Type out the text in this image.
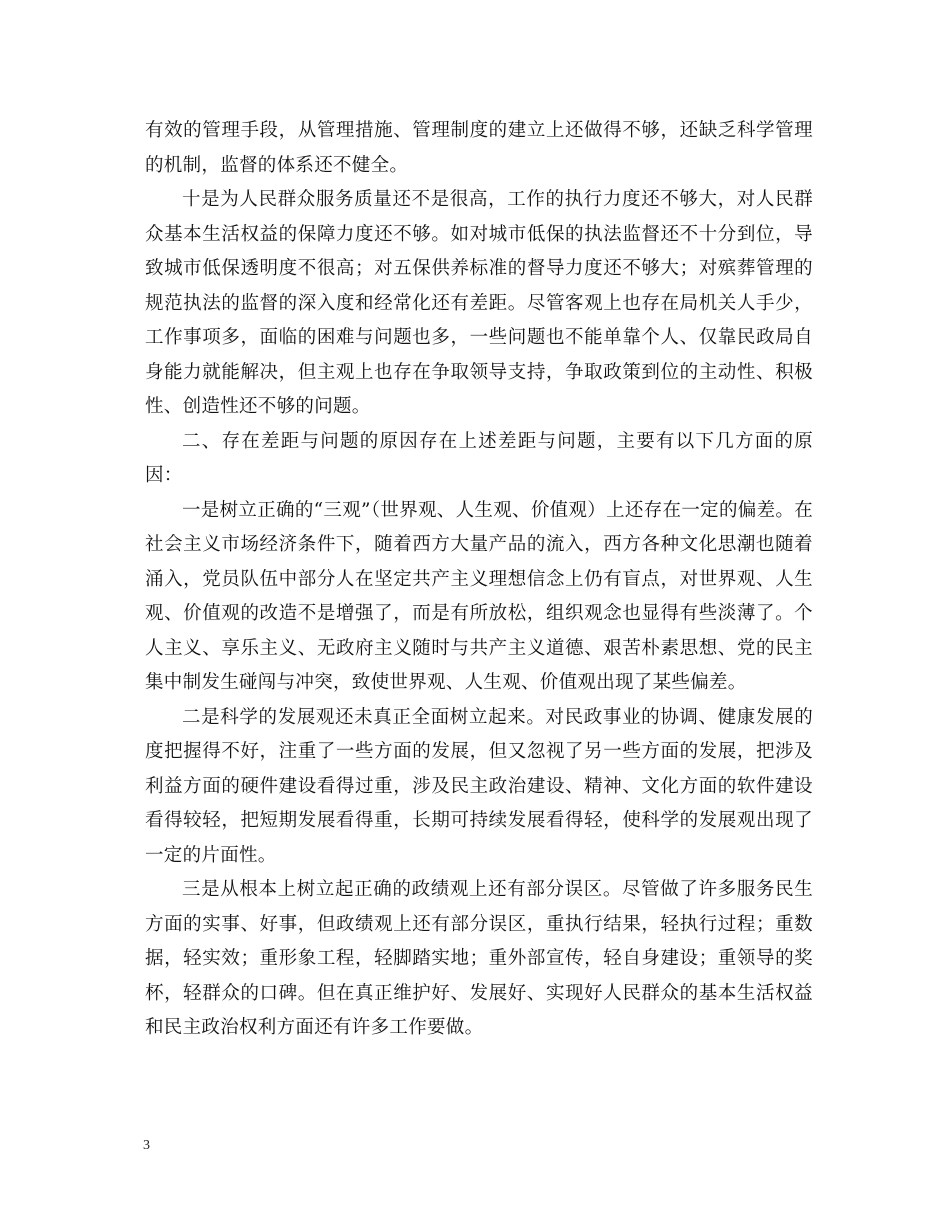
有效的管理手段，从管理措施、管理制度的建立上还做得不够，还缺乏科学管理的机制，监督的体系还不健全。

十是为人民群众服务质量还不是很高，工作的执行力度还不够大，对人民群众基本生活权益的保障力度还不够。如对城市低保的执法监督还不十分到位，导致城市低保透明度不很高；对五保供养标准的督导力度还不够大；对殡葬管理的规范执法的监督的深入度和经常化还有差距。尽管客观上也存在局机关人手少，工作事项多，面临的困难与问题也多，一些问题也不能单靠个人、仅靠民政局自身能力就能解决，但主观上也存在争取领导支持，争取政策到位的主动性、积极性、创造性还不够的问题。

二、存在差距与问题的原因存在上述差距与问题，主要有以下几方面的原因：

一是树立正确的“三观”（世界观、人生观、价值观）上还存在一定的偏差。在社会主义市场经济条件下，随着西方大量产品的流入，西方各种文化思潮也随着涌入，党员队伍中部分人在坚定共产主义理想信念上仍有盲点，对世界观、人生观、价值观的改造不是增强了，而是有所放松，组织观念也显得有些淡薄了。个人主义、享乐主义、无政府主义随时与共产主义道德、艰苦朴素思想、党的民主集中制发生碰闯与冲突，致使世界观、人生观、价值观出现了某些偏差。

二是科学的发展观还未真正全面树立起来。对民政事业的协调、健康发展的度把握得不好，注重了一些方面的发展，但又忽视了另一些方面的发展，把涉及利益方面的硬件建设看得过重，涉及民主政治建设、精神、文化方面的软件建设看得较轻，把短期发展看得重，长期可持续发展看得轻，使科学的发展观出现了一定的片面性。

三是从根本上树立起正确的政绩观上还有部分误区。尽管做了许多服务民生方面的实事、好事，但政绩观上还有部分误区，重执行结果，轻执行过程；重数据，轻实效；重形象工程，轻脚踏实地；重外部宣传，轻自身建设；重领导的奖杯，轻群众的口碑。但在真正维护好、发展好、实现好人民群众的基本生活权益和民主政治权利方面还有许多工作要做。

3
